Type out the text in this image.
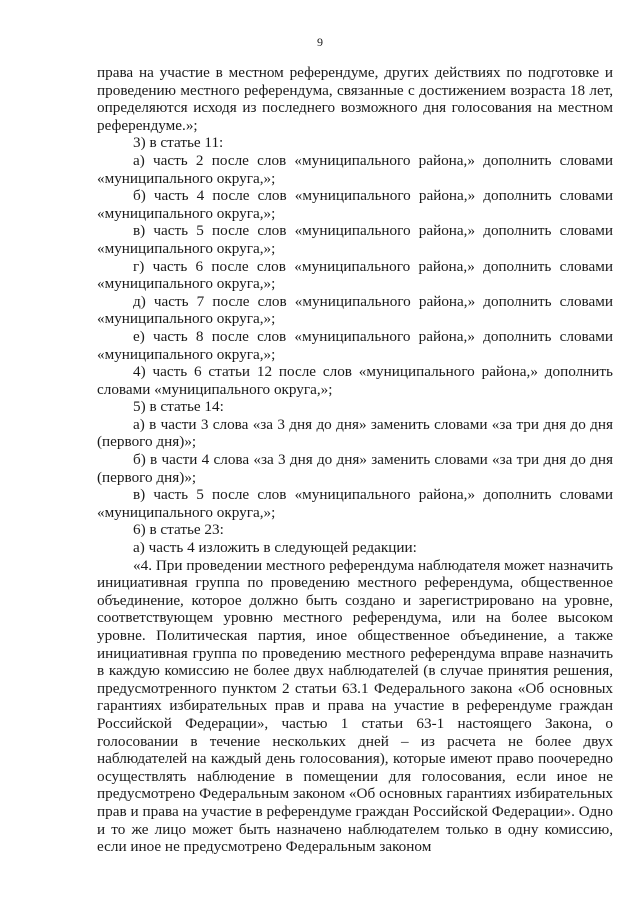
9

права на участие в местном референдуме, других действиях по подготовке и проведению местного референдума, связанные с достижением возраста 18 лет, определяются исходя из последнего возможного дня голосования на местном референдуме.»;

3) в статье 11:

а) часть 2 после слов «муниципального района,» дополнить словами «муниципального округа,»;

б) часть 4 после слов «муниципального района,» дополнить словами «муниципального округа,»;

в) часть 5 после слов «муниципального района,» дополнить словами «муниципального округа,»;

г) часть 6 после слов «муниципального района,» дополнить словами «муниципального округа,»;

д) часть 7 после слов «муниципального района,» дополнить словами «муниципального округа,»;

е) часть 8 после слов «муниципального района,» дополнить словами «муниципального округа,»;

4) часть 6 статьи 12 после слов «муниципального района,» дополнить словами «муниципального округа,»;

5) в статье 14:

а) в части 3 слова «за 3 дня до дня» заменить словами «за три дня до дня (первого дня)»;

б) в части 4 слова «за 3 дня до дня» заменить словами «за три дня до дня (первого дня)»;

в) часть 5 после слов «муниципального района,» дополнить словами «муниципального округа,»;

6) в статье 23:

а) часть 4 изложить в следующей редакции:

«4. При проведении местного референдума наблюдателя может назначить инициативная группа по проведению местного референдума, общественное объединение, которое должно быть создано и зарегистрировано на уровне, соответствующем уровню местного референдума, или на более высоком уровне. Политическая партия, иное общественное объединение, а также инициативная группа по проведению местного референдума вправе назначить в каждую комиссию не более двух наблюдателей (в случае принятия решения, предусмотренного пунктом 2 статьи 63.1 Федерального закона «Об основных гарантиях избирательных прав и права на участие в референдуме граждан Российской Федерации», частью 1 статьи 63-1 настоящего Закона, о голосовании в течение нескольких дней – из расчета не более двух наблюдателей на каждый день голосования), которые имеют право поочередно осуществлять наблюдение в помещении для голосования, если иное не предусмотрено Федеральным законом «Об основных гарантиях избирательных прав и права на участие в референдуме граждан Российской Федерации». Одно и то же лицо может быть назначено наблюдателем только в одну комиссию, если иное не предусмотрено Федеральным законом
